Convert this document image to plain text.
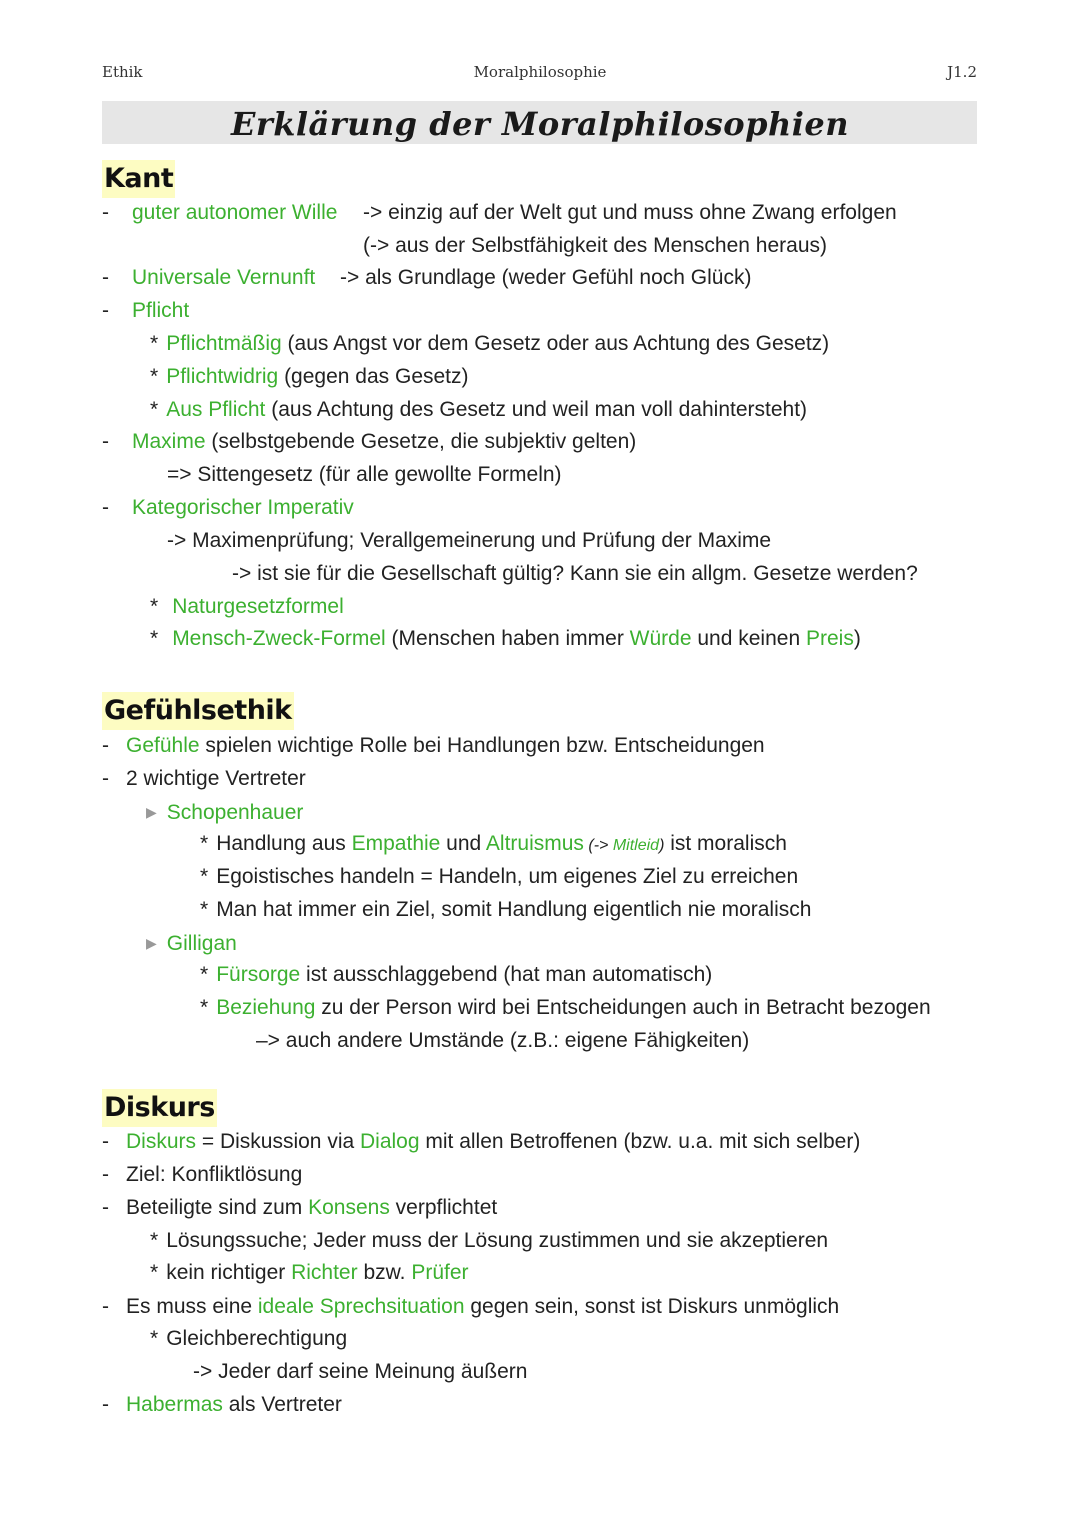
Ethik	Moralphilosophie	J1.2
Erklärung der Moralphilosophien
Kant
- guter autonomer Wille -> einzig auf der Welt gut und muss ohne Zwang erfolgen
(-> aus der Selbstfähigkeit des Menschen heraus)
- Universale Vernunft -> als Grundlage (weder Gefühl noch Glück)
- Pflicht
* Pflichtmäßig (aus Angst vor dem Gesetz oder aus Achtung des Gesetz)
* Pflichtwidrig (gegen das Gesetz)
* Aus Pflicht (aus Achtung des Gesetz und weil man voll dahintersteht)
- Maxime (selbstgebende Gesetze, die subjektiv gelten)
=> Sittengesetz (für alle gewollte Formeln)
- Kategorischer Imperativ
-> Maximenprüfung; Verallgemeinerung und Prüfung der Maxime
-> ist sie für die Gesellschaft gültig? Kann sie ein allgm. Gesetze werden?
* Naturgesetzformel
* Mensch-Zweck-Formel (Menschen haben immer Würde und keinen Preis)
Gefühlsethik
- Gefühle spielen wichtige Rolle bei Handlungen bzw. Entscheidungen
- 2 wichtige Vertreter
▶ Schopenhauer
* Handlung aus Empathie und Altruismus (-> Mitleid) ist moralisch
* Egoistisches handeln = Handeln, um eigenes Ziel zu erreichen
* Man hat immer ein Ziel, somit Handlung eigentlich nie moralisch
▶ Gilligan
* Fürsorge ist ausschlaggebend (hat man automatisch)
* Beziehung zu der Person wird bei Entscheidungen auch in Betracht bezogen
–> auch andere Umstände (z.B.: eigene Fähigkeiten)
Diskurs
- Diskurs = Diskussion via Dialog mit allen Betroffenen (bzw. u.a. mit sich selber)
- Ziel: Konfliktlösung
- Beteiligte sind zum Konsens verpflichtet
* Lösungssuche; Jeder muss der Lösung zustimmen und sie akzeptieren
* kein richtiger Richter bzw. Prüfer
- Es muss eine ideale Sprechsituation gegen sein, sonst ist Diskurs unmöglich
* Gleichberechtigung
-> Jeder darf seine Meinung äußern
- Habermas als Vertreter
